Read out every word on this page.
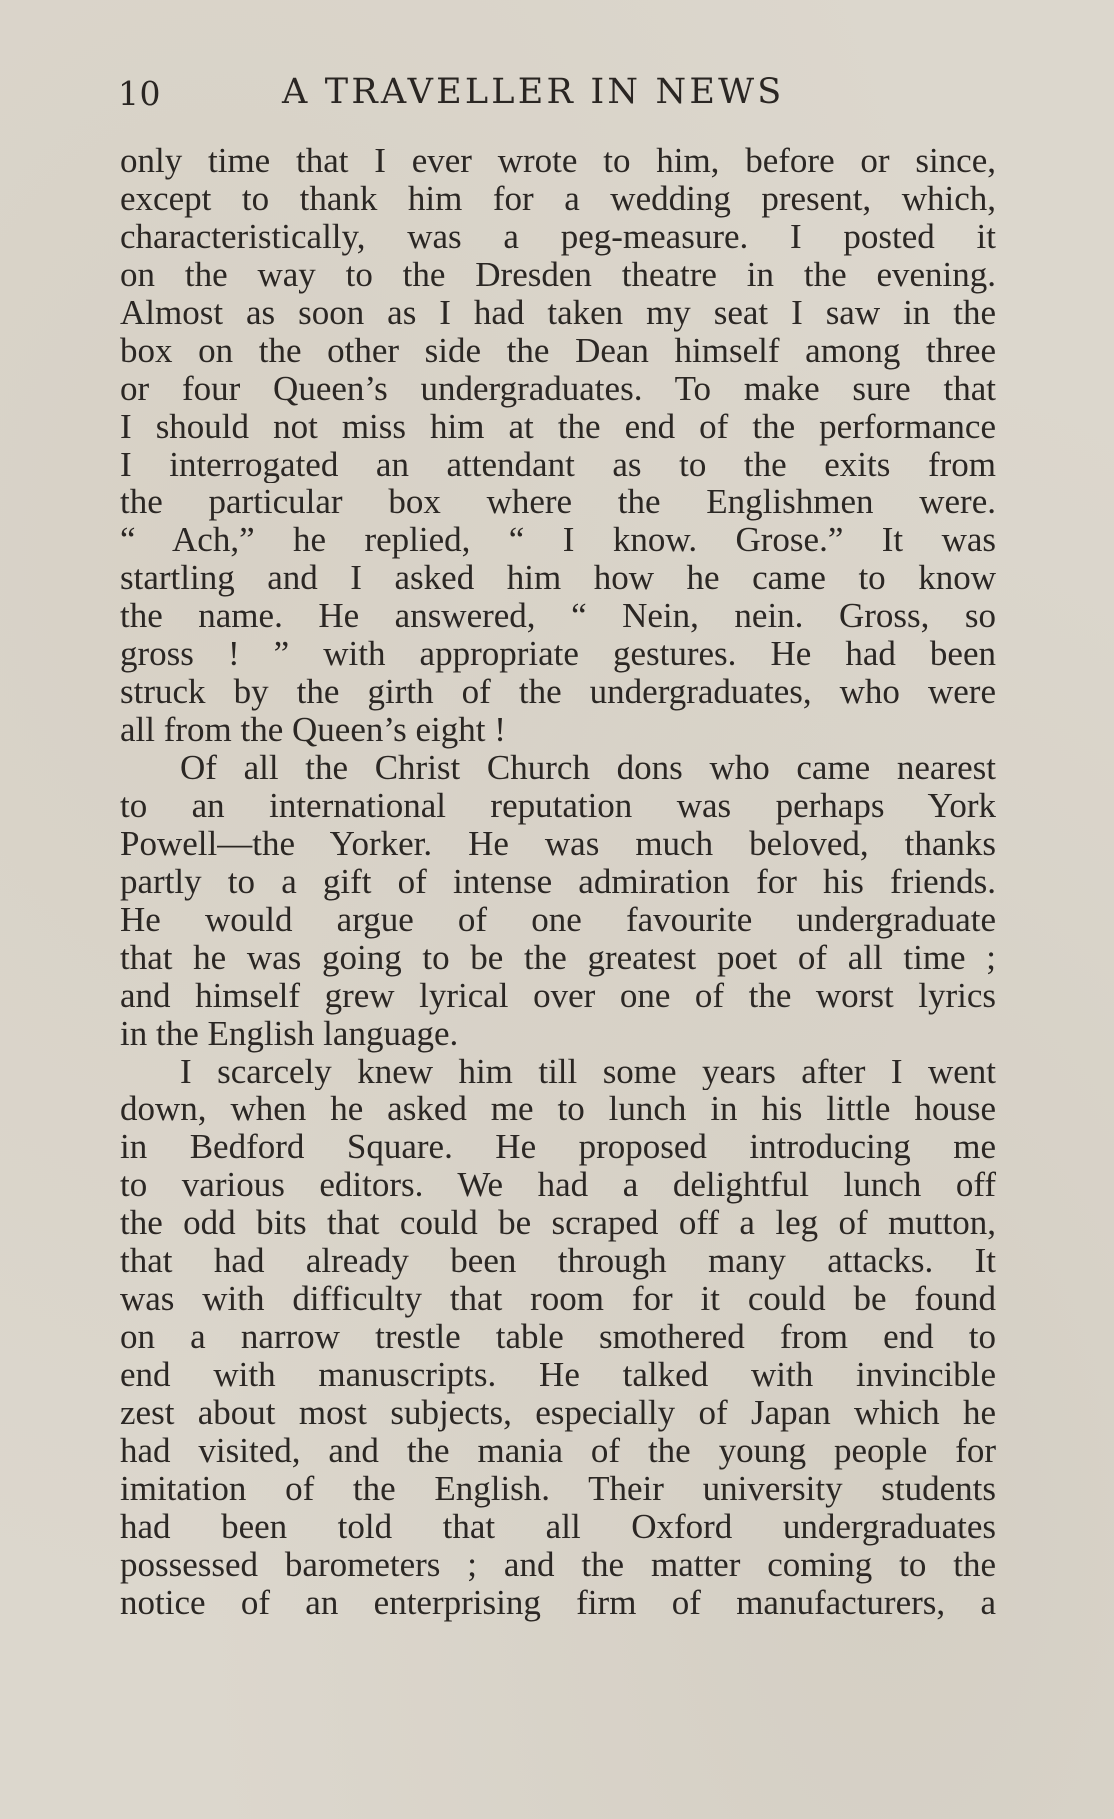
10	A TRAVELLER IN NEWS
only time that I ever wrote to him, before or since,
except to thank him for a wedding present, which,
characteristically, was a peg-measure. I posted it
on the way to the Dresden theatre in the evening.
Almost as soon as I had taken my seat I saw in the
box on the other side the Dean himself among three
or four Queen’s undergraduates. To make sure that
I should not miss him at the end of the performance
I interrogated an attendant as to the exits from
the particular box where the Englishmen were.
“ Ach,” he replied, “ I know. Grose.” It was
startling and I asked him how he came to know
the name. He answered, “ Nein, nein. Gross, so
gross ! ” with appropriate gestures. He had been
struck by the girth of the undergraduates, who were
all from the Queen’s eight !
Of all the Christ Church dons who came nearest
to an international reputation was perhaps York
Powell—the Yorker. He was much beloved, thanks
partly to a gift of intense admiration for his friends.
He would argue of one favourite undergraduate
that he was going to be the greatest poet of all time ;
and himself grew lyrical over one of the worst lyrics
in the English language.
I scarcely knew him till some years after I went
down, when he asked me to lunch in his little house
in Bedford Square. He proposed introducing me
to various editors. We had a delightful lunch off
the odd bits that could be scraped off a leg of mutton,
that had already been through many attacks. It
was with difficulty that room for it could be found
on a narrow trestle table smothered from end to
end with manuscripts. He talked with invincible
zest about most subjects, especially of Japan which he
had visited, and the mania of the young people for
imitation of the English. Their university students
had been told that all Oxford undergraduates
possessed barometers ; and the matter coming to the
notice of an enterprising firm of manufacturers, a
